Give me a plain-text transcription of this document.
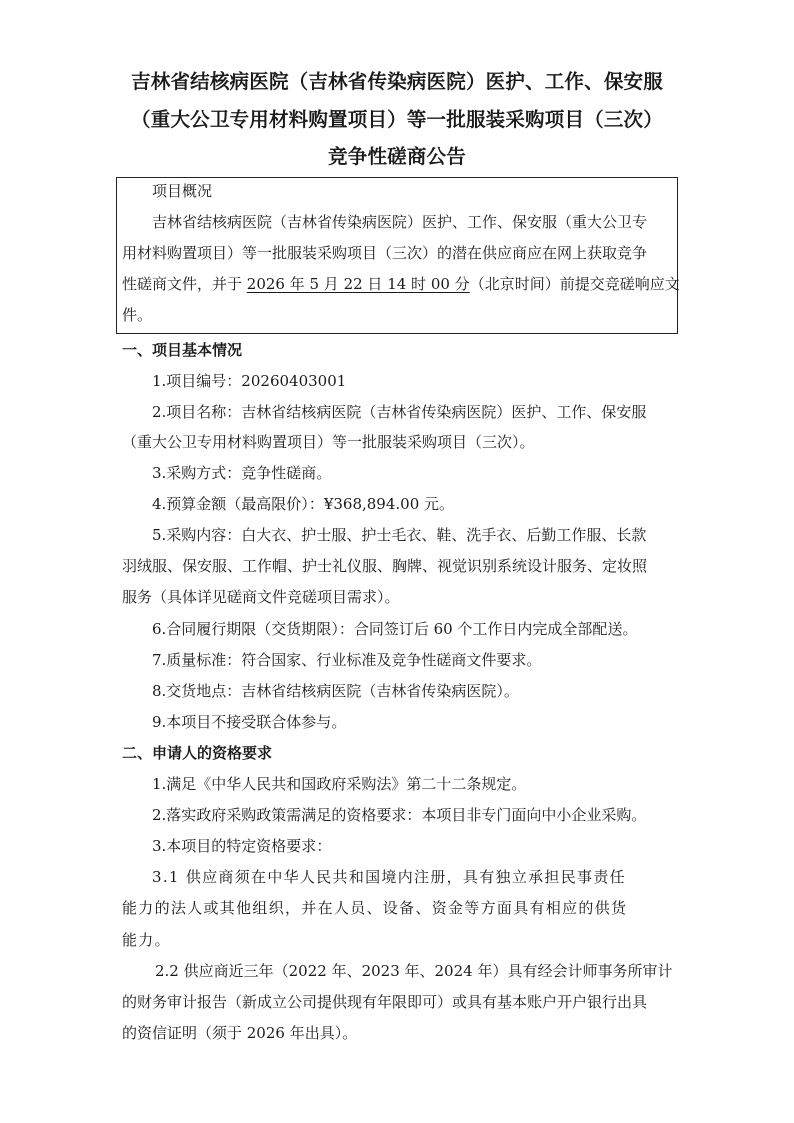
吉林省结核病医院（吉林省传染病医院）医护、工作、保安服
（重大公卫专用材料购置项目）等一批服装采购项目（三次）
竞争性磋商公告
项目概况
吉林省结核病医院（吉林省传染病医院）医护、工作、保安服（重大公卫专
用材料购置项目）等一批服装采购项目（三次）的潜在供应商应在网上获取竞争
性磋商文件，并于 2026 年 5 月 22 日 14 时 00 分（北京时间）前提交竞磋响应文
件。
一、项目基本情况
1.项目编号：20260403001
2.项目名称：吉林省结核病医院（吉林省传染病医院）医护、工作、保安服
（重大公卫专用材料购置项目）等一批服装采购项目（三次）。
3.采购方式：竞争性磋商。
4.预算金额（最高限价）：¥368,894.00 元。
5.采购内容：白大衣、护士服、护士毛衣、鞋、洗手衣、后勤工作服、长款
羽绒服、保安服、工作帽、护士礼仪服、胸牌、视觉识别系统设计服务、定妆照
服务（具体详见磋商文件竞磋项目需求）。
6.合同履行期限（交货期限）：合同签订后 60 个工作日内完成全部配送。
7.质量标准：符合国家、行业标准及竞争性磋商文件要求。
8.交货地点：吉林省结核病医院（吉林省传染病医院）。
9.本项目不接受联合体参与。
二、申请人的资格要求
1.满足《中华人民共和国政府采购法》第二十二条规定。
2.落实政府采购政策需满足的资格要求：本项目非专门面向中小企业采购。
3.本项目的特定资格要求：
3.1 供应商须在中华人民共和国境内注册，具有独立承担民事责任
能力的法人或其他组织，并在人员、设备、资金等方面具有相应的供货
能力。
2.2 供应商近三年（2022 年、2023 年、2024 年）具有经会计师事务所审计
的财务审计报告（新成立公司提供现有年限即可）或具有基本账户开户银行出具
的资信证明（须于 2026 年出具）。
